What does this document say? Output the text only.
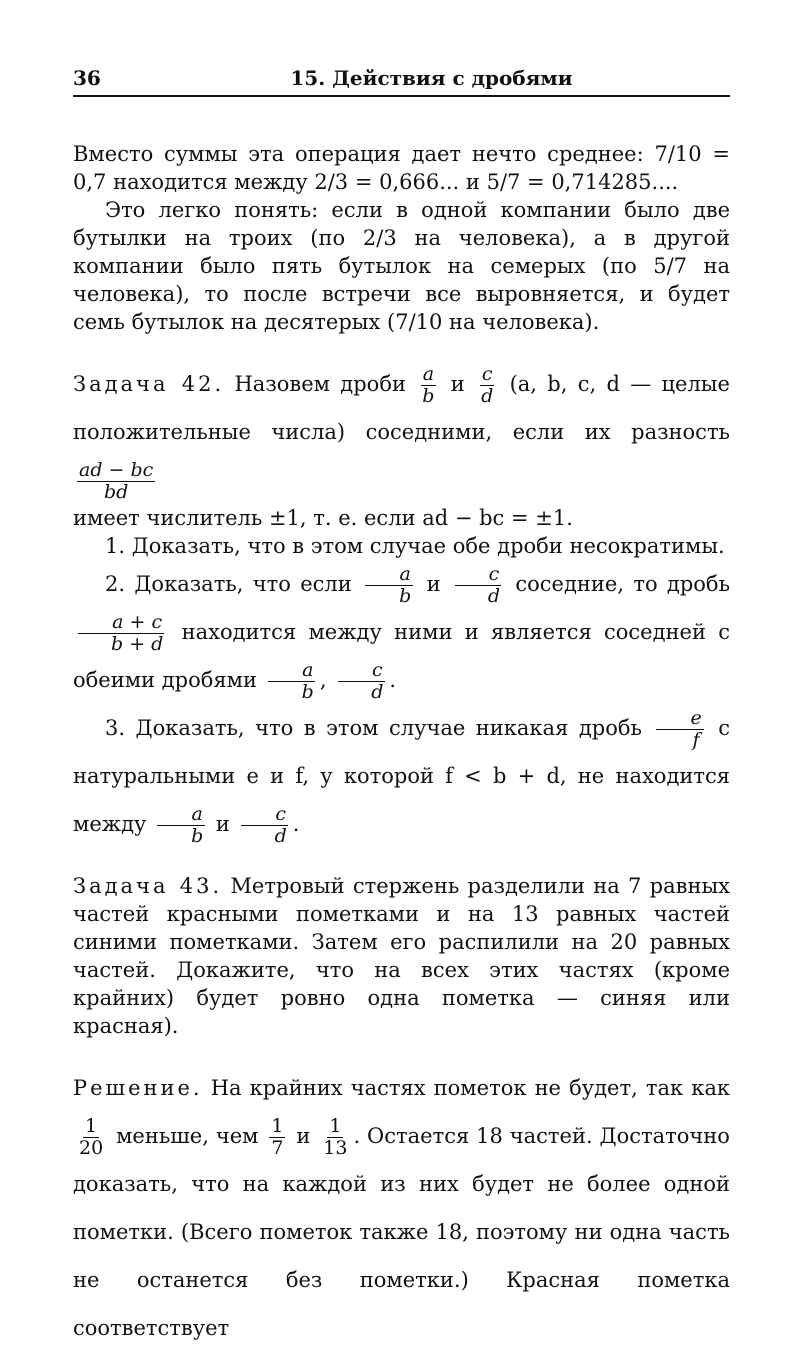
36	15. Действия с дробями

Вместо суммы эта операция дает нечто среднее: 7/10 = 0,7 находится между 2/3 = 0,666... и 5/7 = 0,714285....

Это легко понять: если в одной компании было две бутылки на троих (по 2/3 на человека), а в другой компании было пять бутылок на семерых (по 5/7 на человека), то после встречи все выровняется, и будет семь бутылок на десятерых (7/10 на человека).

Задача 42. Назовем дроби $\frac{a}{b}$ и $\frac{c}{d} (a$, b, c, d — целые положительные числа) соседними, если их разность
$\frac{ad - bc}{bd}$

имеет числитель ±1, т. е. если ad − bc = ±1.

1. Доказать, что в этом случае обе дроби несократимы.

2. Доказать, что если $\frac{a}{b}$ и $\frac{c}{d}$ соседние, то дробь
$\frac{a + c}{b + d}$ находится между ними и является соседней с обеими дробями $\frac{a}{b}$ , $\frac{c}{d}$ .

3. Доказать, что в этом случае никакая дробь $\frac{e}{f}$ с натуральными e и f, у которой f < b + d, не находится между $\frac{a}{b}$ и $\frac{c}{d}$ .

Задача 43. Метровый стержень разделили на 7 равных частей красными пометками и на 13 равных частей синими пометками. Затем его распилили на 20 равных частей. Докажите, что на всех этих частях (кроме крайних) будет ровно одна пометка — синяя или красная).

Решение. На крайних частях пометок не будет, так как
$\frac{1}{20}$ меньше, чем $\frac{1}{7}$ и $\frac{1}{13}$ . Остается 18 частей. Достаточно доказать, что на каждой из них будет не более одной пометки. (Всего пометок также 18, поэтому ни одна часть не останется без пометки.) Красная пометка соответствует
